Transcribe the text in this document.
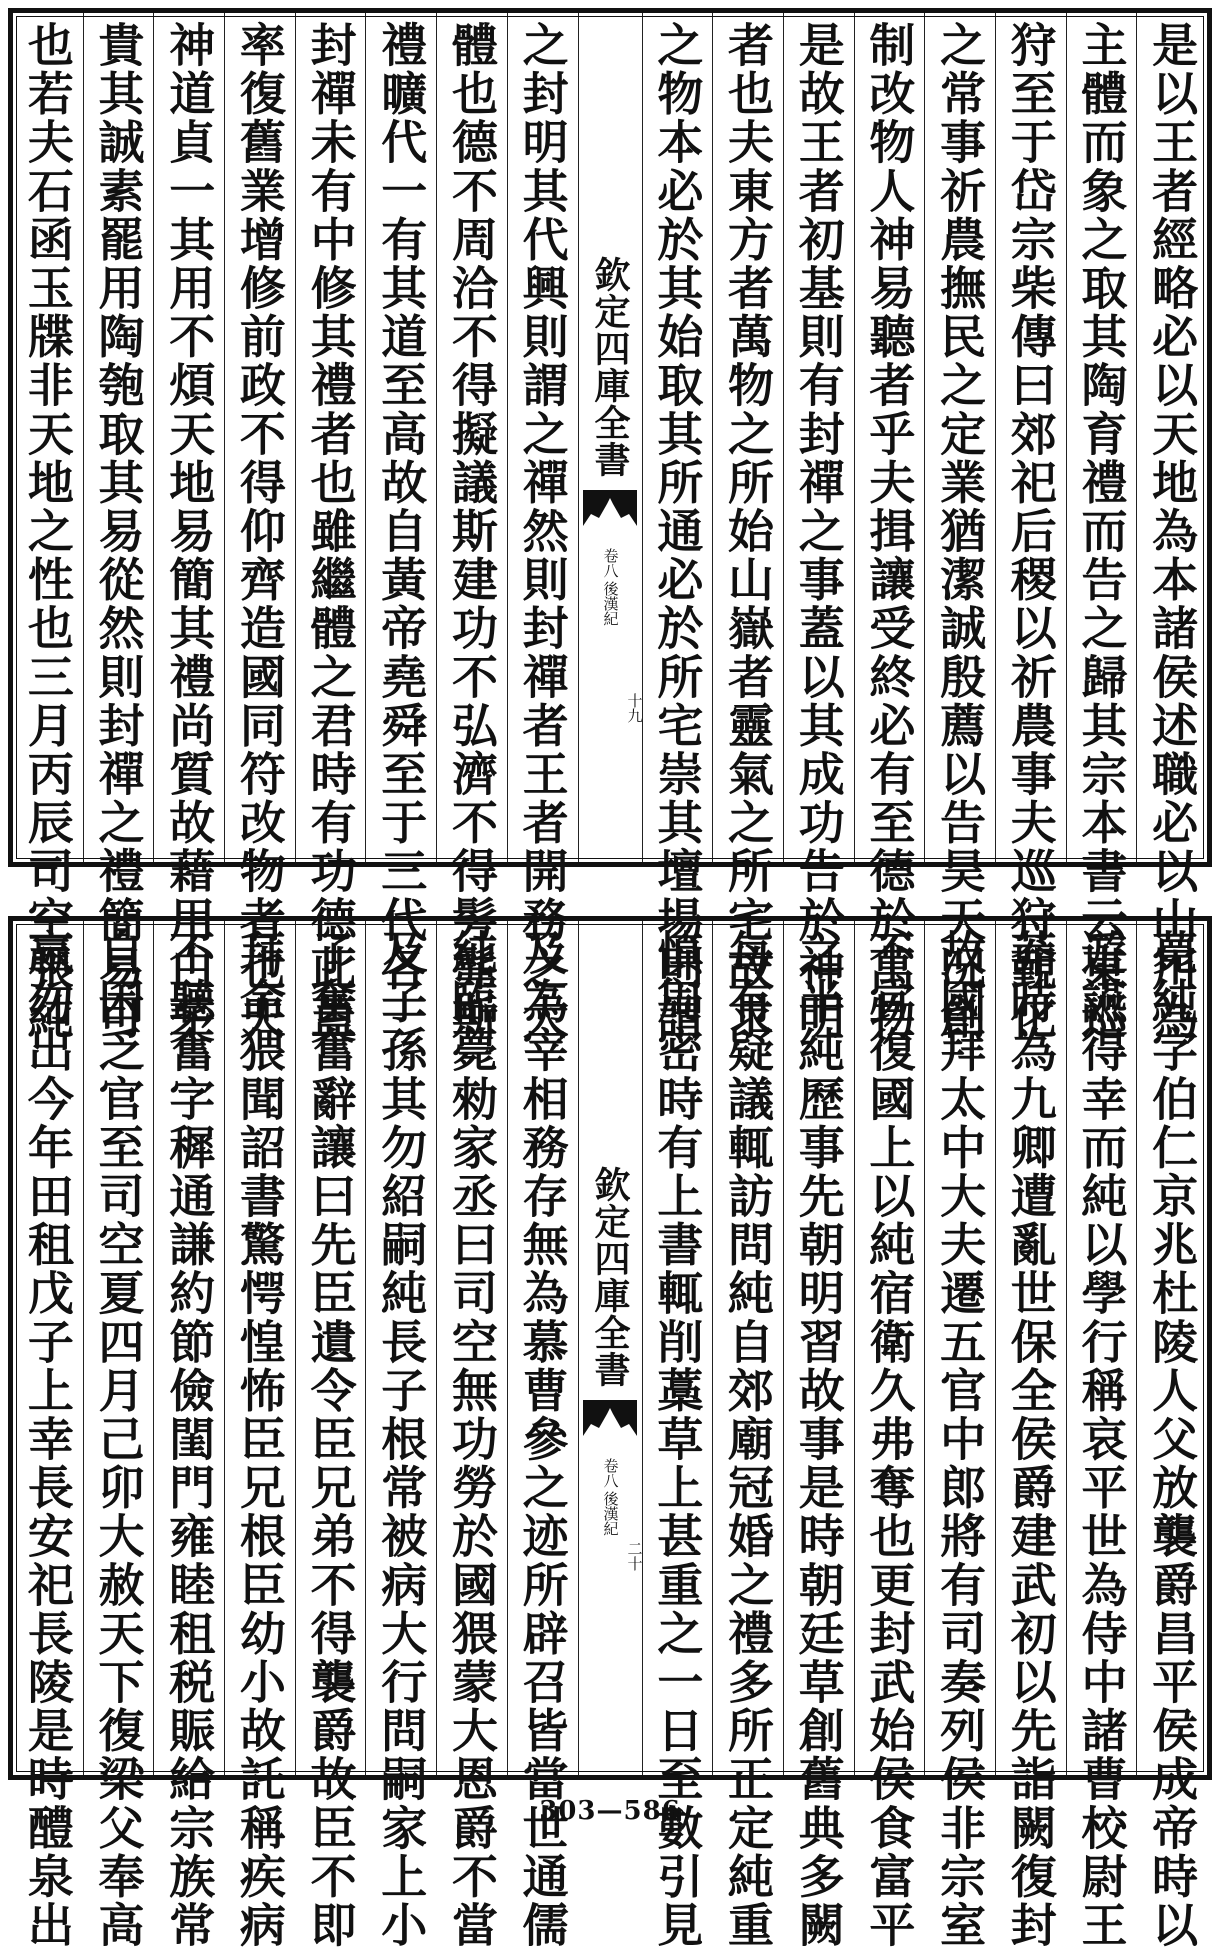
是以王者經略必以天地為本諸侯述職必以山川為
主體而象之取其陶育禮而告之歸其宗本書云東巡
狩至于岱宗柴傳曰郊祀后稷以祈農事夫巡狩覲化
之常事祈農撫民之定業猶潔誠殷薦以告昊天况創
制改物人神易聽者乎夫揖讓受終必有至德於萬物
是故王者初基則有封禪之事蓋以其成功告於神明
者也夫東方者萬物之所始山嶽者靈氣之所宅故求
之物本必於其始取其所通必於所宅崇其壇場則謂
欽定四庫全書
卷八
後漢紀
十九
之封明其代興則謂之禪然則封禪者王者開務之大
體也德不周洽不得擬議斯建功不弘濟不得髣髴斯
禮曠代一有其道至高故自黃帝堯舜至于三代各一
封禪未有中修其禮者也雖繼體之君時有功德此蓋
率復舊業增修前政不得仰齊造國同符改物者也夫
神道貞一其用不煩天地易簡其禮尚質故藉用白茅
貴其誠素罷用陶匏取其易從然則封禪之禮簡易可
也若夫石函玉牒非天地之性也三月丙辰司空張純
薨純字伯仁京兆杜陵人父放襲爵昌平侯成帝時以
遊讌得幸而純以學行稱哀平世為侍中諸曹校尉王
莽時為九卿遭亂世保全侯爵建武初以先詣闕復封
故國拜太中大夫遷五官中郎將有司奏列侯非宗室
不宜復國上以純宿衛久弗奪也更封武始侯食富平
之半純歷事先朝明習故事是時朝廷草創舊典多闕
每有疑議輒訪問純自郊廟冠婚之禮多所正定純重
慎周密時有上書輒削藁草上甚重之一日至數引見
欽定四庫全書
卷八
後漢紀
二十
及為宰相務存無為慕曹參之迹所辟召皆當世通儒
純臨薨勑家丞曰司空無功勞於國猥蒙大恩爵不當
及子孫其勿紹嗣純長子根常被病大行問嗣家上小
子奮奮辭讓曰先臣遺令臣兄弟不得襲爵故臣不即
拜命猥聞詔書驚愕惶怖臣兄根臣幼小故託稱疾病
不聽奮字穉通謙約節儉閨門雍睦租税賑給宗族常
自困乏官至司空夏四月己卯大赦天下復梁父奉高
嬴勿出今年田租戊子上幸長安祀長陵是時醴泉出	303—586
